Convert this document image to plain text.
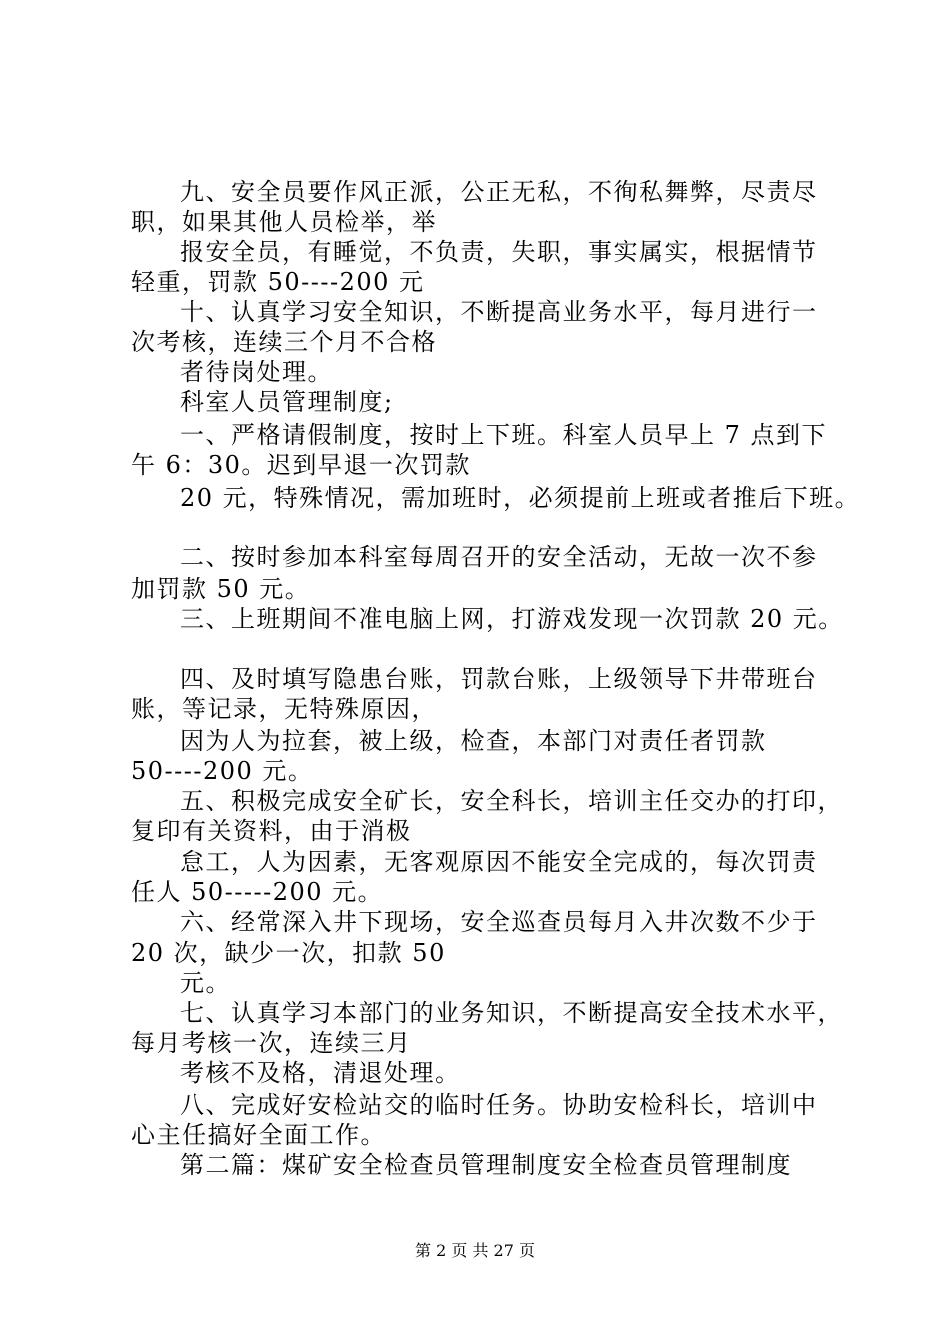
九、安全员要作风正派，公正无私，不徇私舞弊，尽责尽
职，如果其他人员检举，举
报安全员，有睡觉，不负责，失职，事实属实，根据情节
轻重，罚款 50----200 元
十、认真学习安全知识，不断提高业务水平，每月进行一
次考核，连续三个月不合格
者待岗处理。
科室人员管理制度;
一、严格请假制度，按时上下班。科室人员早上 7 点到下
午 6：30。迟到早退一次罚款
20 元，特殊情况，需加班时，必须提前上班或者推后下班。
二、按时参加本科室每周召开的安全活动，无故一次不参
加罚款 50 元。
三、上班期间不准电脑上网，打游戏发现一次罚款 20 元。
四、及时填写隐患台账，罚款台账，上级领导下井带班台
账，等记录，无特殊原因，
因为人为拉套，被上级，检查，本部门对责任者罚款
50----200 元。
五、积极完成安全矿长，安全科长，培训主任交办的打印，
复印有关资料，由于消极
怠工，人为因素，无客观原因不能安全完成的，每次罚责
任人 50-----200 元。
六、经常深入井下现场，安全巡查员每月入井次数不少于
20 次，缺少一次，扣款 50
元。
七、认真学习本部门的业务知识，不断提高安全技术水平，
每月考核一次，连续三月
考核不及格，清退处理。
八、完成好安检站交的临时任务。协助安检科长，培训中
心主任搞好全面工作。
第二篇：煤矿安全检查员管理制度安全检查员管理制度
第 2 页 共 27 页
